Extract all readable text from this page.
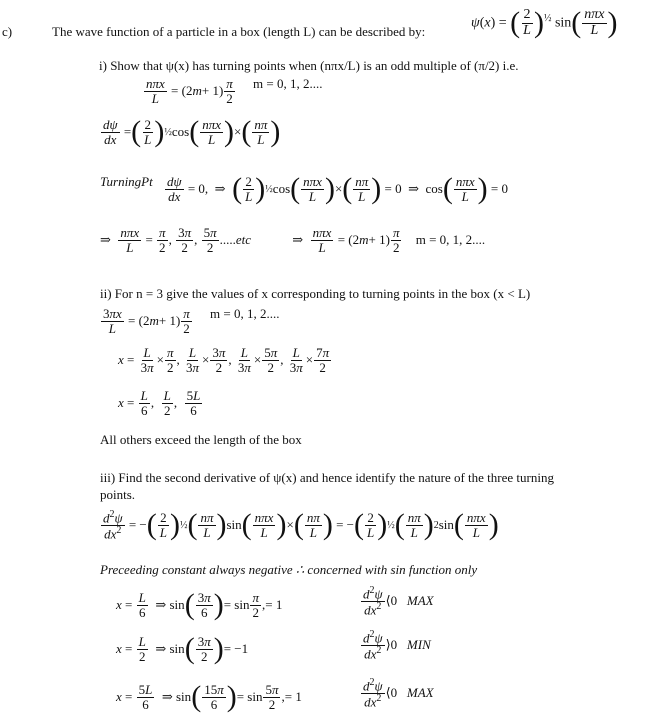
c)	The wave function of a particle in a box (length L) can be described by:
ψ(x) = ( $\frac{2}{L} )^{\frac{1}{2}}$ $\sin( \frac{\text{nπx}}{L}$ )
i) Show that ψ(x) has turning points when (nπx/L) is an odd multiple of (π/2) i.e.
$\frac{\text{nπx}}{L} = (2$ $m + 1) \frac{\pi}{2}$ m = 0, 1, 2....
$\frac{d\psi}{dx}$ = ( $\frac{2}{L}$ ) ½ cos ( $\frac{\text{nπx}}{L}$ ) × ( $\frac{n\pi}{L}$ )
TurningPt $\frac{d\psi}{dx} = 0$,  ⇒ ( $\frac{2}{L}$ ) ½ cos ( $\frac{\text{nπx}}{L}$ ) × ( $\frac{n\pi}{L}$ ) = 0  ⇒  cos ( $\frac{\text{nπx}}{L}$ ) = 0
⇒ $\frac{\text{nπx}}{L} = \frac{\pi}{2}$ , $\frac{3\pi}{2}$ , $\frac{5\pi}{2}$ ..... etc	⇒ $\frac{\text{nπx}}{L} = (2$ $m + 1) \frac{\pi}{2}$ m = 0, 1, 2....
ii) For n = 3 give the values of x corresponding to turning points in the box (x < L)
$\frac{3\pi x}{L} = (2$ $m + 1) \frac{\pi}{2}$ m = 0, 1, 2....
$x = \frac{L}{3\pi} \times \frac{\pi}{2}$ , $\frac{L}{3\pi} \times \frac{3\pi}{2}$ , $\frac{L}{3\pi} \times \frac{5\pi}{2}$ , $\frac{L}{3\pi} \times \frac{7\pi}{2}$
$x = \frac{L}{6}$ , $\frac{L}{2}$ , $\frac{5L}{6}$
All others exceed the length of the box
iii) Find the second derivative of ψ(x) and hence identify the nature of the three turning
points.
$\frac{d^2\psi}{dx^2}$ = − ( $\frac{2}{L}$ ) ½ ( $\frac{n\pi}{L}$ ) sin ( $\frac{\text{nπx}}{L}$ ) × ( $\frac{n\pi}{L}$ ) = − ( $\frac{2}{L}$ ) ½ ( $\frac{n\pi}{L}$ ) 2 sin ( $\frac{\text{nπx}}{L}$ )
Preceeding constant always negative ∴ concerned with sin function only
$x = \frac{L}{6}$ ⇒ sin ( $\frac{3\pi}{6}$ ) = $\sin \frac{\pi}{2}$ ,= 1	$\frac{d^2\psi}{dx^2}$ ⟨0 MAX
$x = \frac{L}{2}$ ⇒ sin ( $\frac{3\pi}{2}$ ) = −1	$\frac{d^2\psi}{dx^2}$ ⟩0 MIN
$x = \frac{5L}{6}$ ⇒ sin ( $\frac{15\pi}{6}$ ) = $\sin \frac{5\pi}{2}$ ,= 1	$\frac{d^2\psi}{dx^2}$ ⟨0 MAX
